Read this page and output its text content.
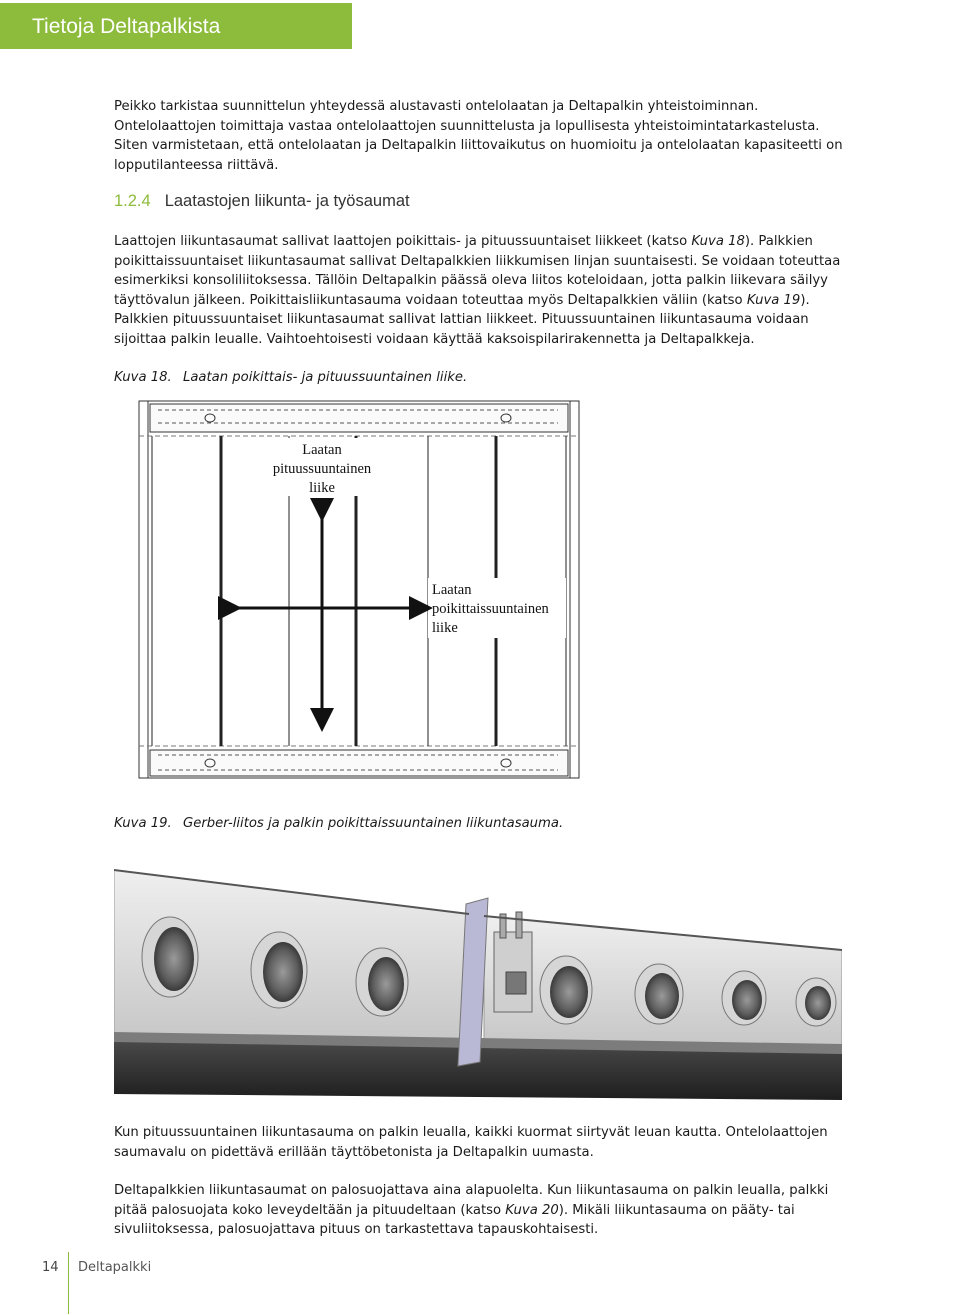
Tietoja Deltapalkista

Peikko tarkistaa suunnittelun yhteydessä alustavasti ontelolaatan ja Deltapalkin yhteistoiminnan. Ontelolaattojen toimittaja vastaa ontelolaattojen suunnittelusta ja lopullisesta yhteistoimintatarkastelusta. Siten varmistetaan, että ontelolaatan ja Deltapalkin liittovaikutus on huomioitu ja ontelolaatan kapasiteetti on lopputilanteessa riittävä.

1.2.4 Laatastojen liikunta- ja työsaumat

Laattojen liikuntasaumat sallivat laattojen poikittais- ja pituussuuntaiset liikkeet (katso Kuva 18). Palkkien poikittaissuuntaiset liikuntasaumat sallivat Deltapalkkien liikkumisen linjan suuntaisesti. Se voidaan toteuttaa esimerkiksi konsoliliitoksessa. Tällöin Deltapalkin päässä oleva liitos koteloidaan, jotta palkin liikevara säilyy täyttövalun jälkeen. Poikittaisliikuntasauma voidaan toteuttaa myös Deltapalkkien väliin (katso Kuva 19). Palkkien pituussuuntaiset liikuntasaumat sallivat lattian liikkeet. Pituussuuntainen liikuntasauma voidaan sijoittaa palkin leualle. Vaihtoehtoisesti voidaan käyttää kaksoispilarirakennetta ja Deltapalkkeja.

Kuva 18. Laatan poikittais- ja pituussuuntainen liike.
Laatan
pituussuuntainen
liike
Laatan
poikittaissuuntainen
liike
Kuva 19. Gerber-liitos ja palkin poikittaissuuntainen liikuntasauma.

Kun pituussuuntainen liikuntasauma on palkin leualla, kaikki kuormat siirtyvät leuan kautta. Ontelolaattojen saumavalu on pidettävä erillään täyttöbetonista ja Deltapalkin uumasta.

Deltapalkkien liikuntasaumat on palosuojattava aina alapuolelta. Kun liikuntasauma on palkin leualla, palkki pitää palosuojata koko leveydeltään ja pituudeltaan (katso Kuva 20). Mikäli liikuntasauma on pääty- tai sivuliitoksessa, palosuojattava pituus on tarkastettava tapauskohtaisesti.

14 Deltapalkki
